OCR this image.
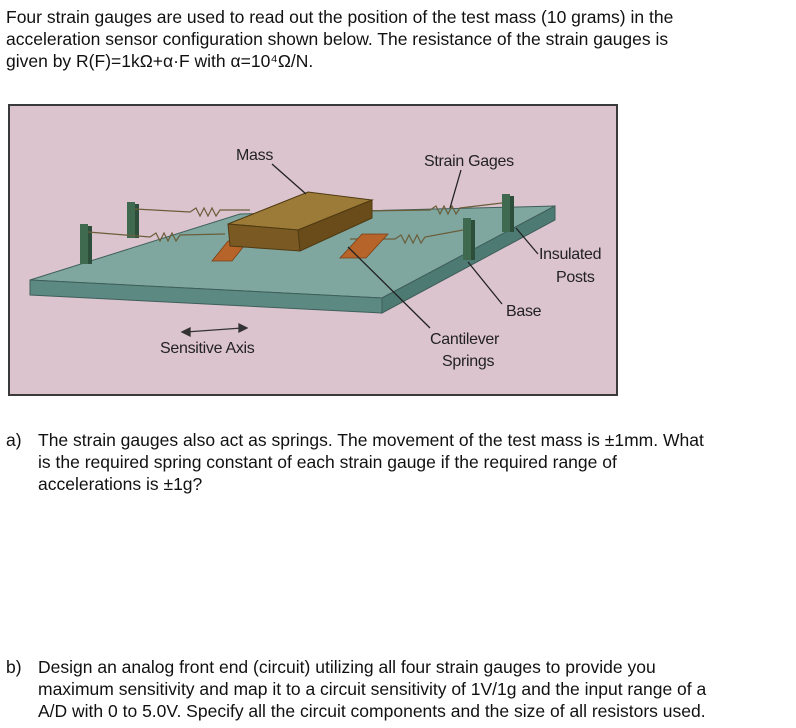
Four strain gauges are used to read out the position of the test mass (10 grams) in the
acceleration sensor configuration shown below. The resistance of the strain gauges is
given by R(F)=1kΩ+α·F with α=10⁴Ω/N.
Mass	Strain Gages
Insulated
Posts
Base
Sensitive Axis
Cantilever
Springs
a) The strain gauges also act as springs. The movement of the test mass is ±1mm. What
is the required spring constant of each strain gauge if the required range of
accelerations is ±1g?
b) Design an analog front end (circuit) utilizing all four strain gauges to provide you
maximum sensitivity and map it to a circuit sensitivity of 1V/1g and the input range of a
A/D with 0 to 5.0V. Specify all the circuit components and the size of all resistors used.
